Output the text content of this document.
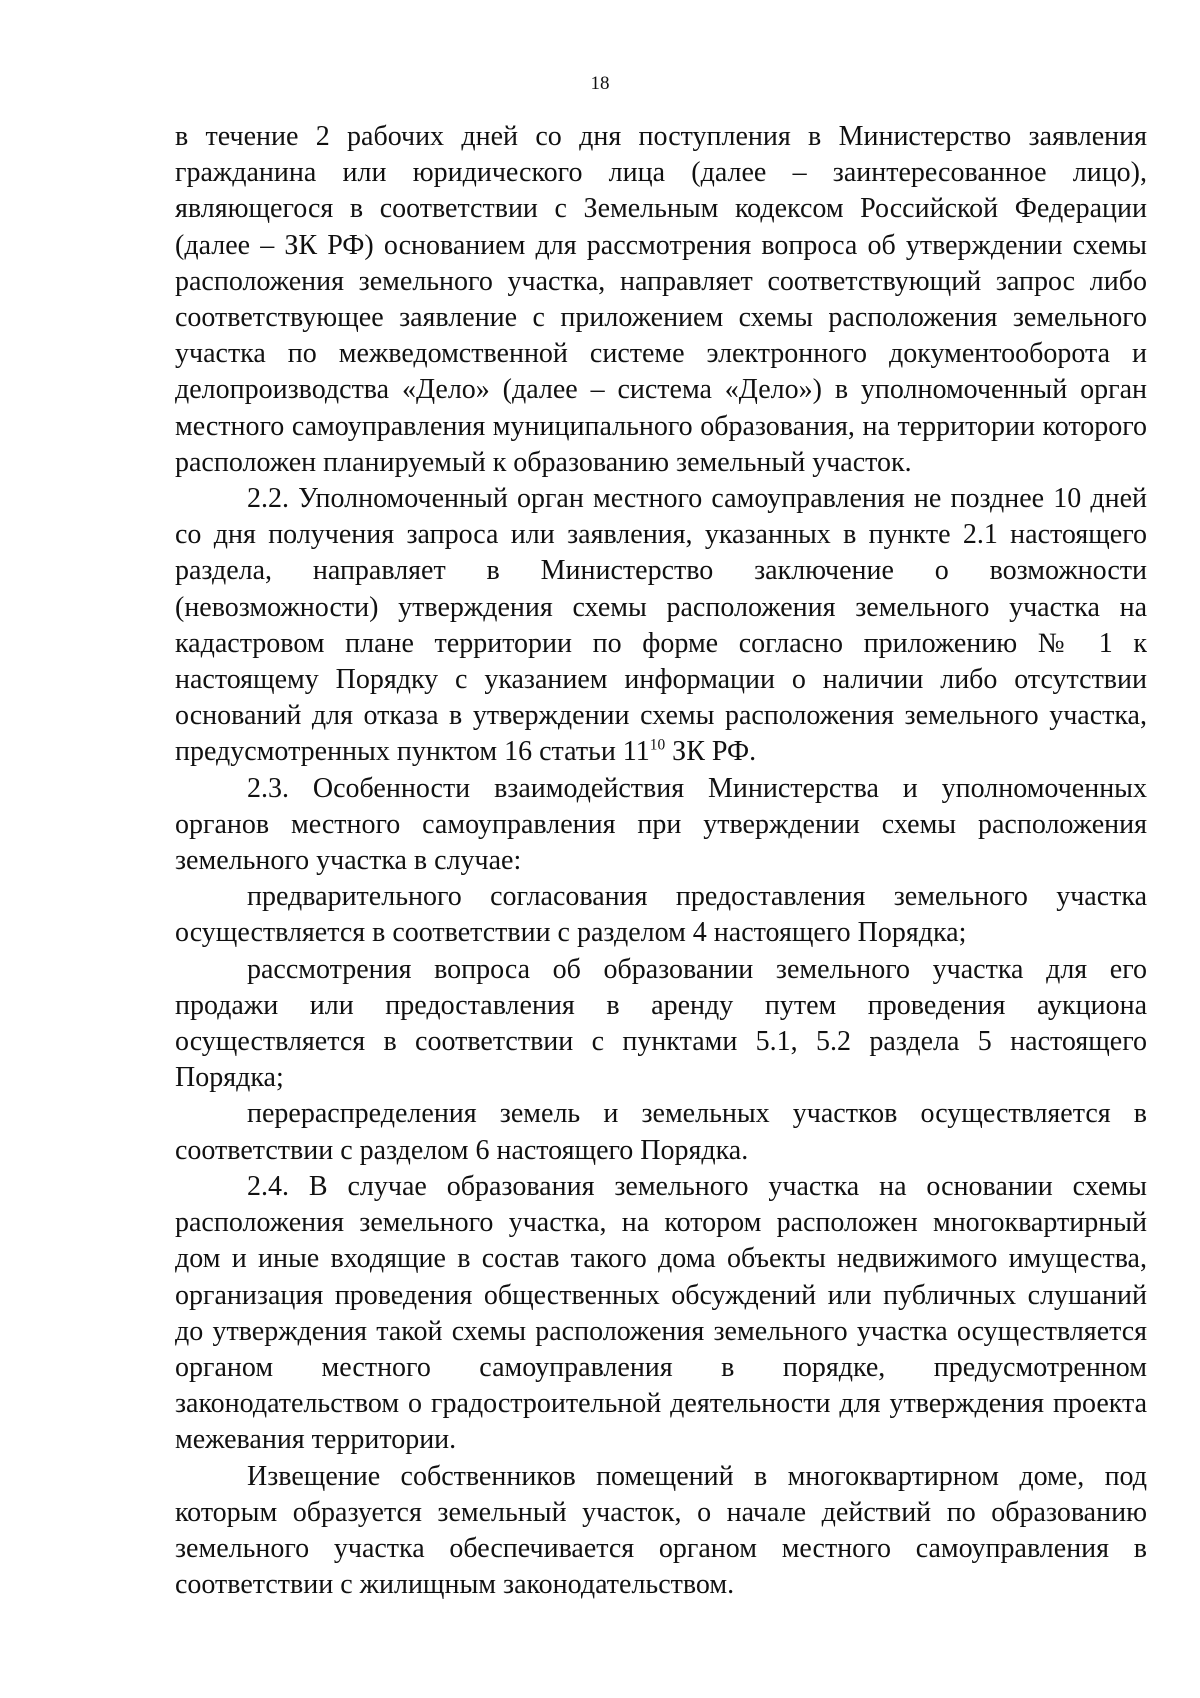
18

в течение 2 рабочих дней со дня поступления в Министерство заявления гражданина или юридического лица (далее – заинтересованное лицо), являющегося в соответствии с Земельным кодексом Российской Федерации (далее – ЗК РФ) основанием для рассмотрения вопроса об утверждении схемы расположения земельного участка, направляет соответствующий запрос либо соответствующее заявление с приложением схемы расположения земельного участка по межведомственной системе электронного документооборота и делопроизводства «Дело» (далее – система «Дело») в уполномоченный орган местного самоуправления муниципального образования, на территории которого расположен планируемый к образованию земельный участок.

2.2. Уполномоченный орган местного самоуправления не позднее 10 дней со дня получения запроса или заявления, указанных в пункте 2.1 настоящего раздела, направляет в Министерство заключение о возможности (невозможности) утверждения схемы расположения земельного участка на кадастровом плане территории по форме согласно приложению № 1 к настоящему Порядку с указанием информации о наличии либо отсутствии оснований для отказа в утверждении схемы расположения земельного участка, предусмотренных пунктом 16 статьи $11^{10}$ ЗК РФ.

2.3. Особенности взаимодействия Министерства и уполномоченных органов местного самоуправления при утверждении схемы расположения земельного участка в случае:

предварительного согласования предоставления земельного участка осуществляется в соответствии с разделом 4 настоящего Порядка;

рассмотрения вопроса об образовании земельного участка для его продажи или предоставления в аренду путем проведения аукциона осуществляется в соответствии с пунктами 5.1, 5.2 раздела 5 настоящего Порядка;

перераспределения земель и земельных участков осуществляется в соответствии с разделом 6 настоящего Порядка.

2.4. В случае образования земельного участка на основании схемы расположения земельного участка, на котором расположен многоквартирный дом и иные входящие в состав такого дома объекты недвижимого имущества, организация проведения общественных обсуждений или публичных слушаний до утверждения такой схемы расположения земельного участка осуществляется органом местного самоуправления в порядке, предусмотренном законодательством о градостроительной деятельности для утверждения проекта межевания территории.

Извещение собственников помещений в многоквартирном доме, под которым образуется земельный участок, о начале действий по образованию земельного участка обеспечивается органом местного самоуправления в соответствии с жилищным законодательством.
